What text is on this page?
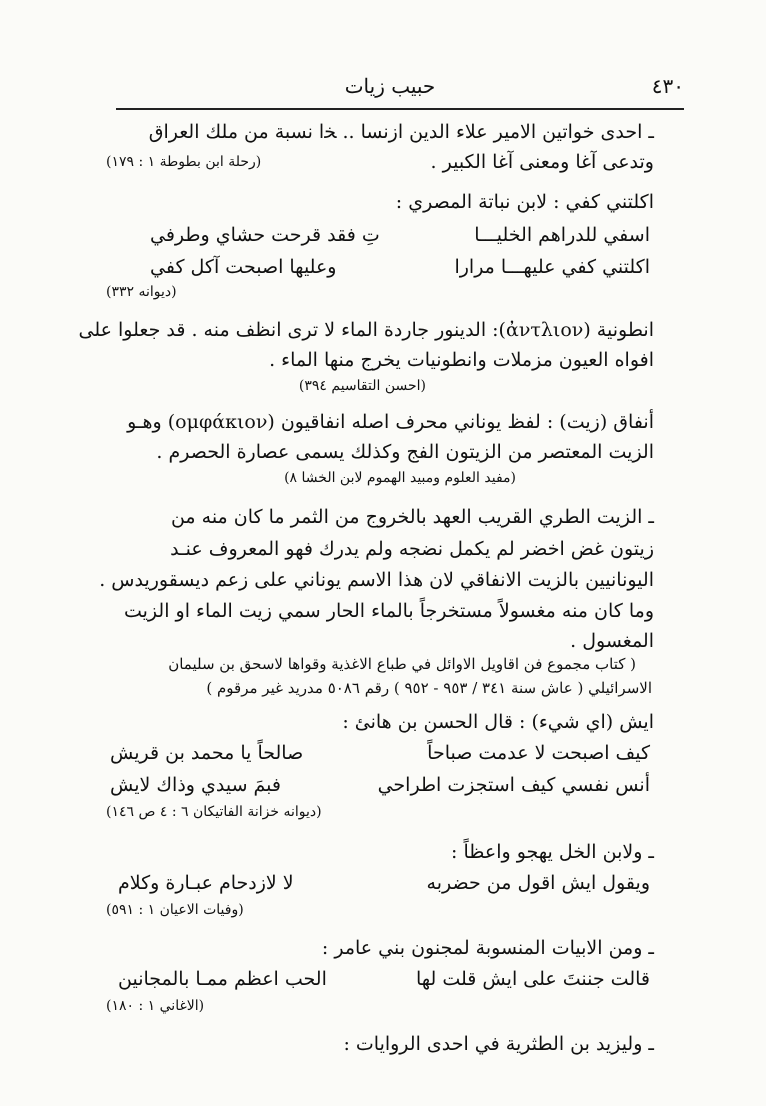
٤٣٠
حبيب زيات
ـ احدى خواتين الامير علاء الدين ازنسا .. ﺨا نسبة من ملك العراق
وتدعى آغا ومعنى آغا الكبير .
(رحلة ابن بطوطة ١ : ١٧٩)
اكلتني كفي : لابن نباتة المصري :
اسفي للدراهم الخليـــا
تِ فقد قرحت حشاي وطرفي
اكلتني كفي عليهـــا مرارا
وعليها اصبحت آكل كفي
(ديوانه ٣٣٢)
انطونية (ἀντλιον): الدينور جاردة الماء لا ترى انظف منه . قد جعلوا على
افواه العيون مزملات وانطونيات يخرج منها الماء .
(احسن التقاسيم ٣٩٤)
أنفاق (زيت) : لفظ يوناني محرف اصله انفاقيون (ομφάκιον) وهـو
الزيت المعتصر من الزيتون الفج وكذلك يسمى عصارة الحصرم .
(مفيد العلوم ومبيد الهموم لابن الخشا ٨)
ـ الزيت الطري القريب العهد بالخروج من الثمر ما كان منه من
زيتون غض اخضر لم يكمل نضجه ولم يدرك فهو المعروف عنـد
اليونانيين بالزيت الانفاقي لان هذا الاسم يوناني على زعم ديسقوريدس .
وما كان منه مغسولاً مستخرجاً بالماء الحار سمي زيت الماء او الزيت
المغسول .
( كتاب مجموع فن اقاويل الاوائل في طباع الاغذية وقواها لاسحق بن سليمان
الاسرائيلي ( عاش سنة ٣٤١ / ٩٥٣ - ٩٥٢ ) رقم ٥٠٨٦ مدريد غير مرقوم )
ايش (اي شيء) : قال الحسن بن هانئ :
كيف اصبحت لا عدمت صباحاً
صالحاً يا محمد بن قريش
أنس نفسي كيف استجزت اطراحي
فبمَ سيدي وذاك لايش
(ديوانه خزانة الفاتيكان ٦ : ٤ ص ١٤٦)
ـ ولابن الخل يهجو واعظاً :
ويقول ايش اقول من حضربه
لا لازدحام عبـارة وكلام
(وفيات الاعيان ١ : ٥٩١)
ـ ومن الابيات المنسوبة لمجنون بني عامر :
قالت جننتَ على ايش قلت لها
الحب اعظم ممـا بالمجانين
(الاغاني ١ : ١٨٠)
ـ وليزيد بن الطثرية في احدى الروايات :
